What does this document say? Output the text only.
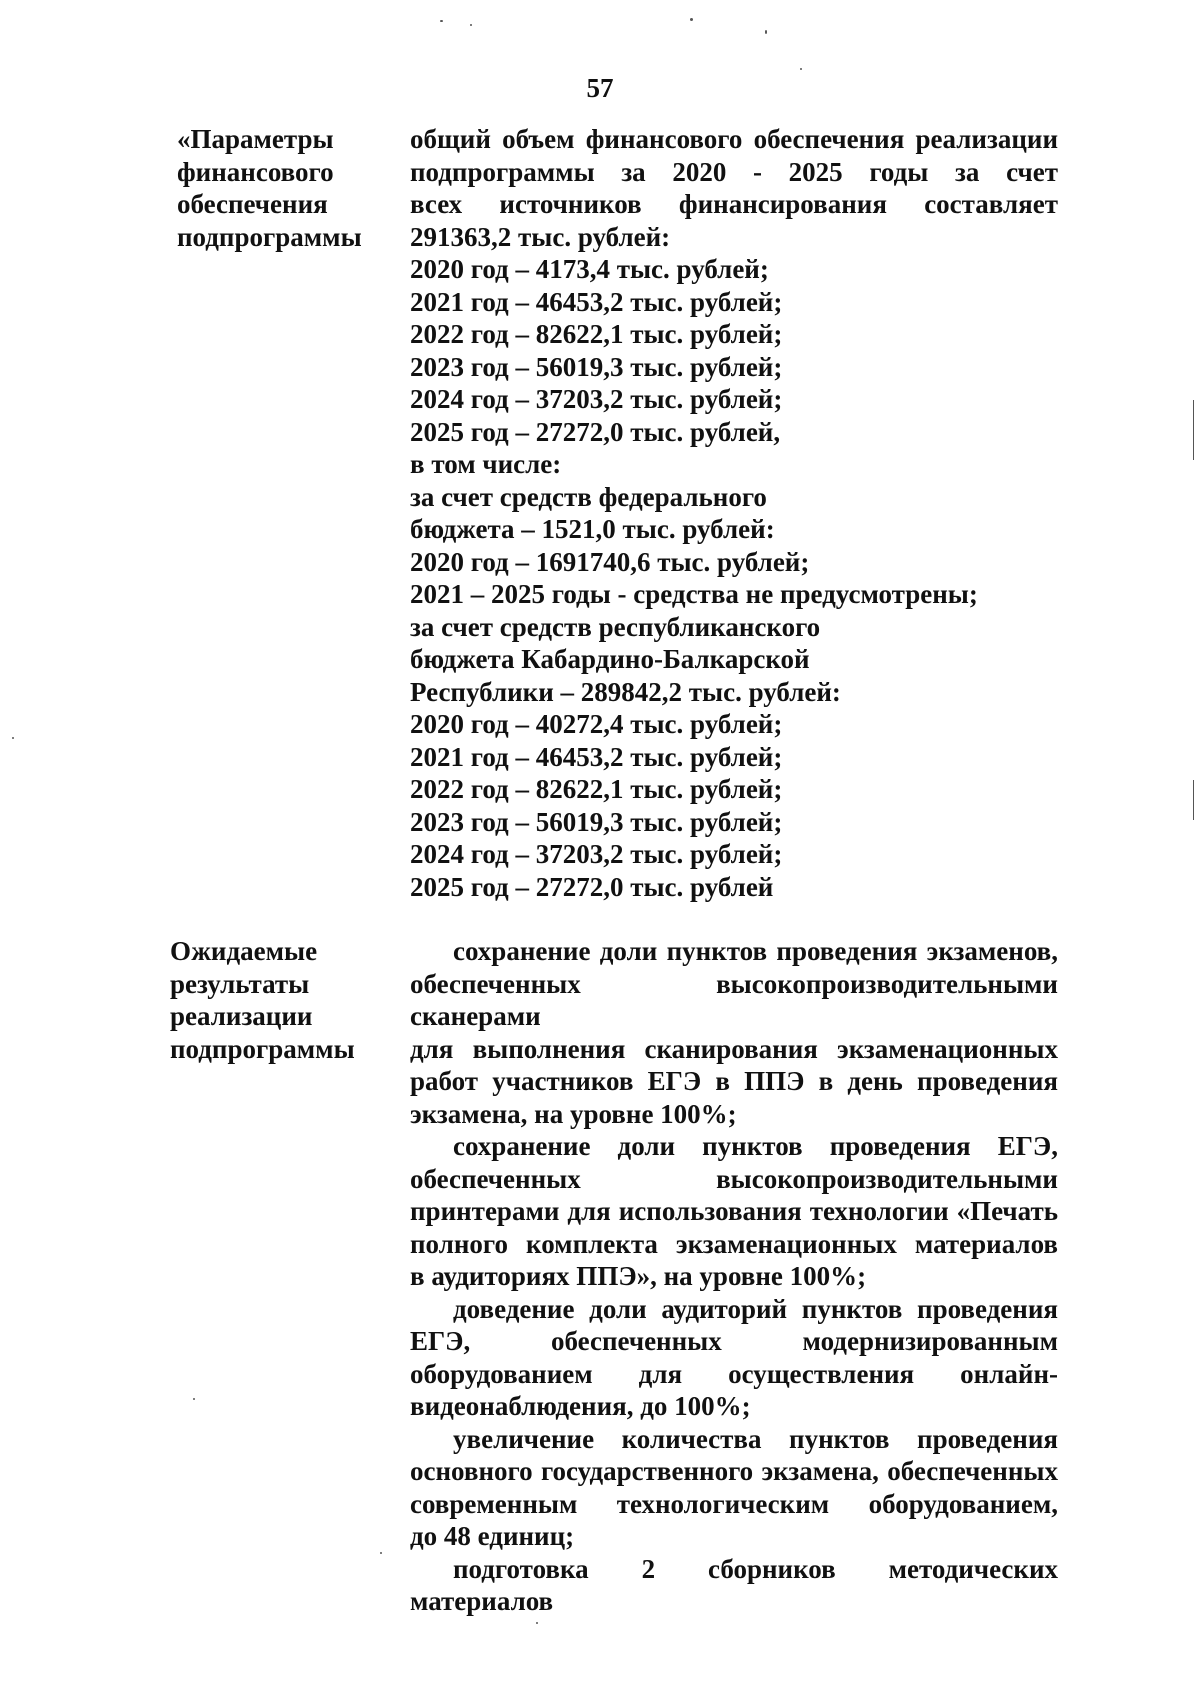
57
«Параметры
финансового
обеспечения
подпрограммы
общий объем финансового обеспечения реализации
подпрограммы за 2020 - 2025 годы за счет
всех источников финансирования составляет
291363,2 тыс. рублей:
2020 год – 4173,4 тыс. рублей;
2021 год – 46453,2 тыс. рублей;
2022 год – 82622,1 тыс. рублей;
2023 год – 56019,3 тыс. рублей;
2024 год – 37203,2 тыс. рублей;
2025 год – 27272,0 тыс. рублей,
в том числе:
за счет средств федерального
бюджета – 1521,0 тыс. рублей:
2020 год – 1691740,6 тыс. рублей;
2021 – 2025 годы - средства не предусмотрены;
за счет средств республиканского
бюджета Кабардино-Балкарской
Республики – 289842,2 тыс. рублей:
2020 год – 40272,4 тыс. рублей;
2021 год – 46453,2 тыс. рублей;
2022 год – 82622,1 тыс. рублей;
2023 год – 56019,3 тыс. рублей;
2024 год – 37203,2 тыс. рублей;
2025 год – 27272,0 тыс. рублей
Ожидаемые
результаты
реализации
подпрограммы
сохранение доли пунктов проведения экзаменов,
обеспеченных высокопроизводительными сканерами
для выполнения сканирования экзаменационных
работ участников ЕГЭ в ППЭ в день проведения
экзамена, на уровне 100%;
сохранение доли пунктов проведения ЕГЭ,
обеспеченных высокопроизводительными
принтерами для использования технологии «Печать
полного комплекта экзаменационных материалов
в аудиториях ППЭ», на уровне 100%;
доведение доли аудиторий пунктов проведения
ЕГЭ, обеспеченных модернизированным
оборудованием для осуществления онлайн-
видеонаблюдения, до 100%;
увеличение количества пунктов проведения
основного государственного экзамена, обеспеченных
современным технологическим оборудованием,
до 48 единиц;
подготовка 2 сборников методических материалов
